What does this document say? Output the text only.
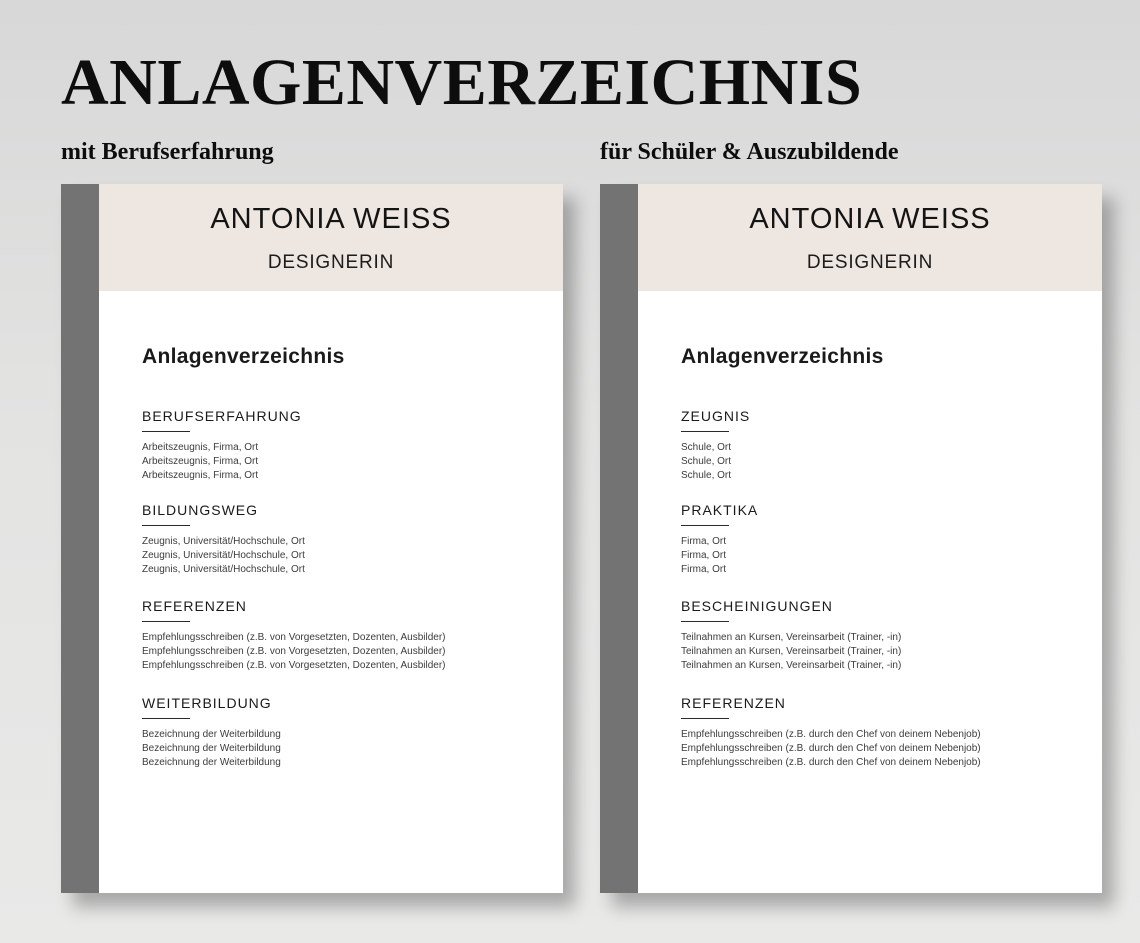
ANLAGENVERZEICHNIS
mit Berufserfahrung	für Schüler & Auszubildende
ANTONIA WEISS
DESIGNERIN
Anlagenverzeichnis
BERUFSERFAHRUNG
Arbeitszeugnis, Firma, Ort
Arbeitszeugnis, Firma, Ort
Arbeitszeugnis, Firma, Ort
BILDUNGSWEG
Zeugnis, Universität/Hochschule, Ort
Zeugnis, Universität/Hochschule, Ort
Zeugnis, Universität/Hochschule, Ort
REFERENZEN
Empfehlungsschreiben (z.B. von Vorgesetzten, Dozenten, Ausbilder)
Empfehlungsschreiben (z.B. von Vorgesetzten, Dozenten, Ausbilder)
Empfehlungsschreiben (z.B. von Vorgesetzten, Dozenten, Ausbilder)
WEITERBILDUNG
Bezeichnung der Weiterbildung
Bezeichnung der Weiterbildung
Bezeichnung der Weiterbildung
ANTONIA WEISS
DESIGNERIN
Anlagenverzeichnis
ZEUGNIS
Schule, Ort
Schule, Ort
Schule, Ort
PRAKTIKA
Firma, Ort
Firma, Ort
Firma, Ort
BESCHEINIGUNGEN
Teilnahmen an Kursen, Vereinsarbeit (Trainer, -in)
Teilnahmen an Kursen, Vereinsarbeit (Trainer, -in)
Teilnahmen an Kursen, Vereinsarbeit (Trainer, -in)
REFERENZEN
Empfehlungsschreiben (z.B. durch den Chef von deinem Nebenjob)
Empfehlungsschreiben (z.B. durch den Chef von deinem Nebenjob)
Empfehlungsschreiben (z.B. durch den Chef von deinem Nebenjob)
